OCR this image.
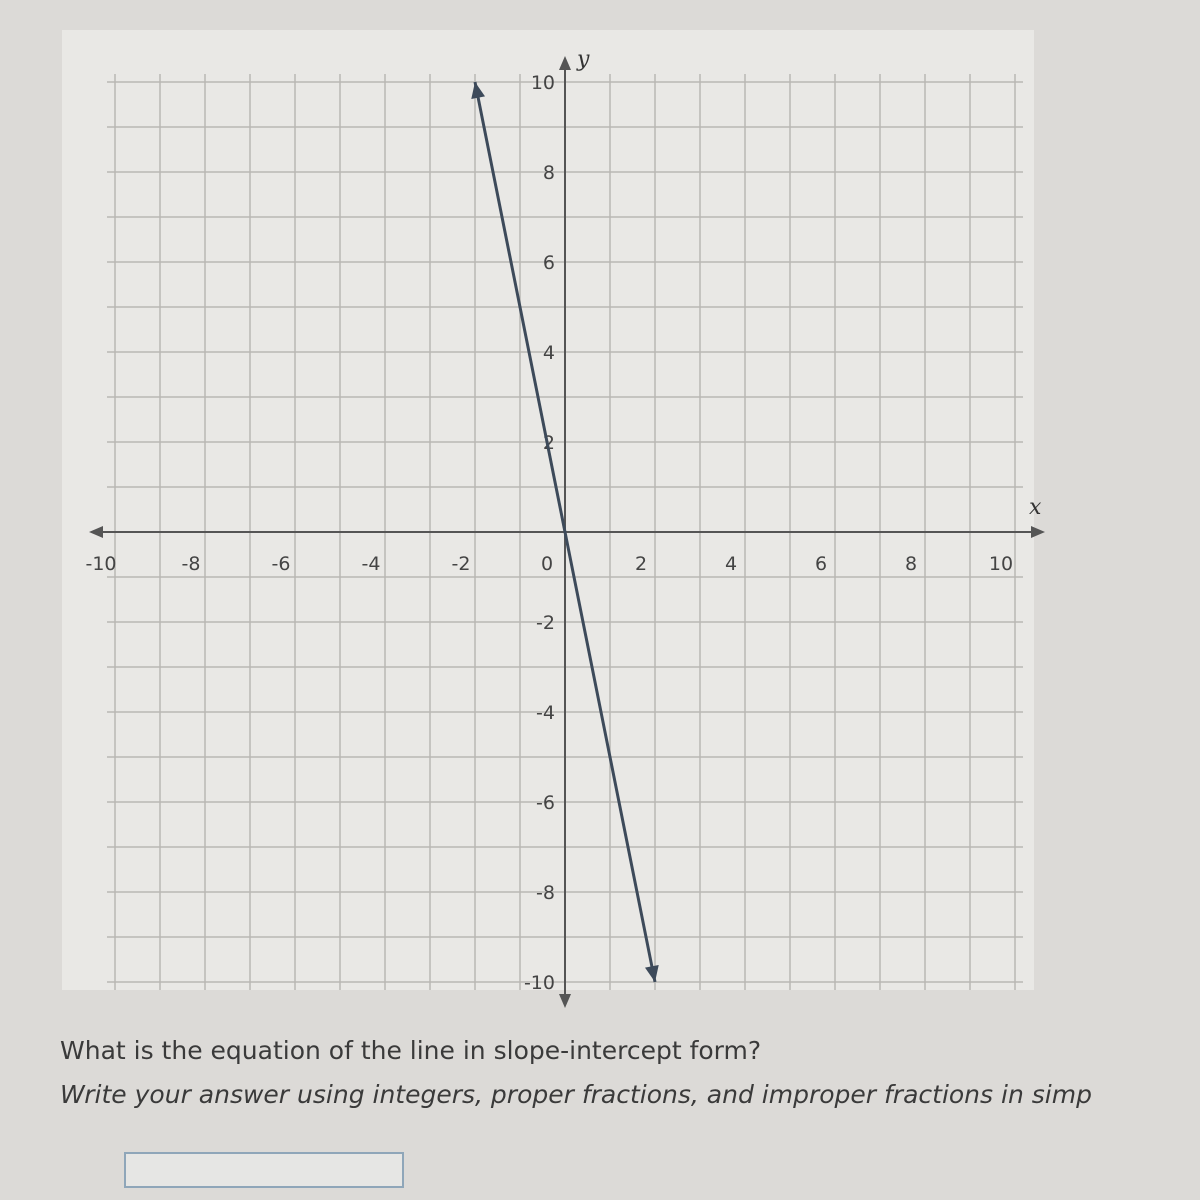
x
y
-10	-8	-6	-4	-2	0	2	4	6	8	10
10
8
6
4
2
-2
-4
-6
-8
-10
What is the equation of the line in slope-intercept form?
Write your answer using integers, proper fractions, and improper fractions in simp
